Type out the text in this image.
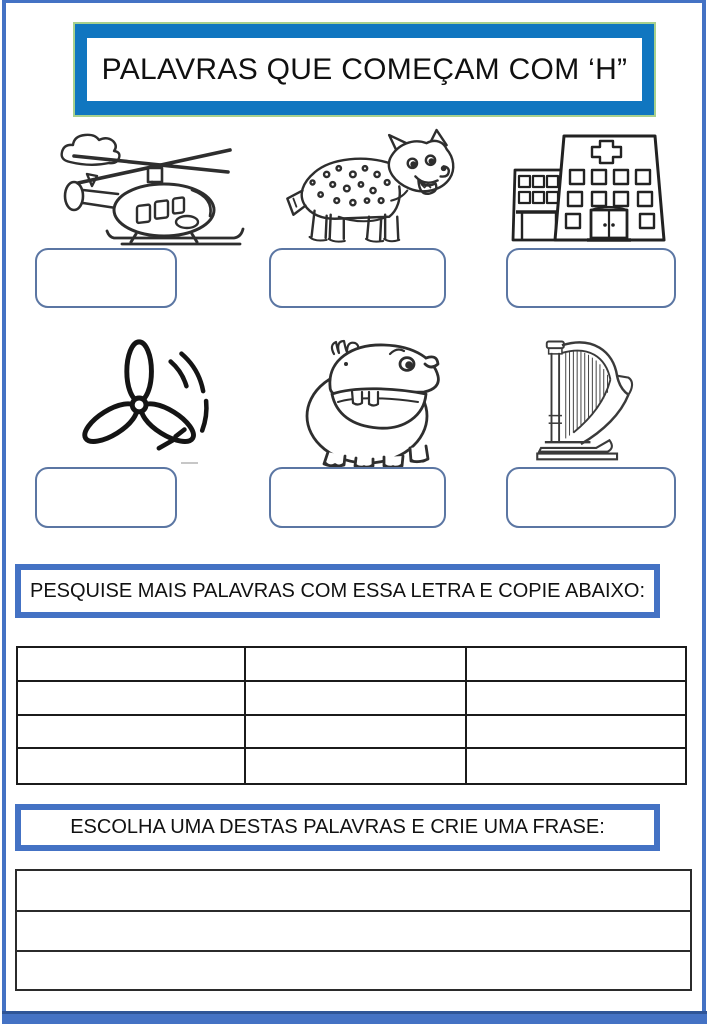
PALAVRAS QUE COMEÇAM COM ‘H”
PESQUISE MAIS PALAVRAS COM ESSA LETRA E COPIE ABAIXO:
ESCOLHA UMA DESTAS PALAVRAS E CRIE UMA FRASE:
